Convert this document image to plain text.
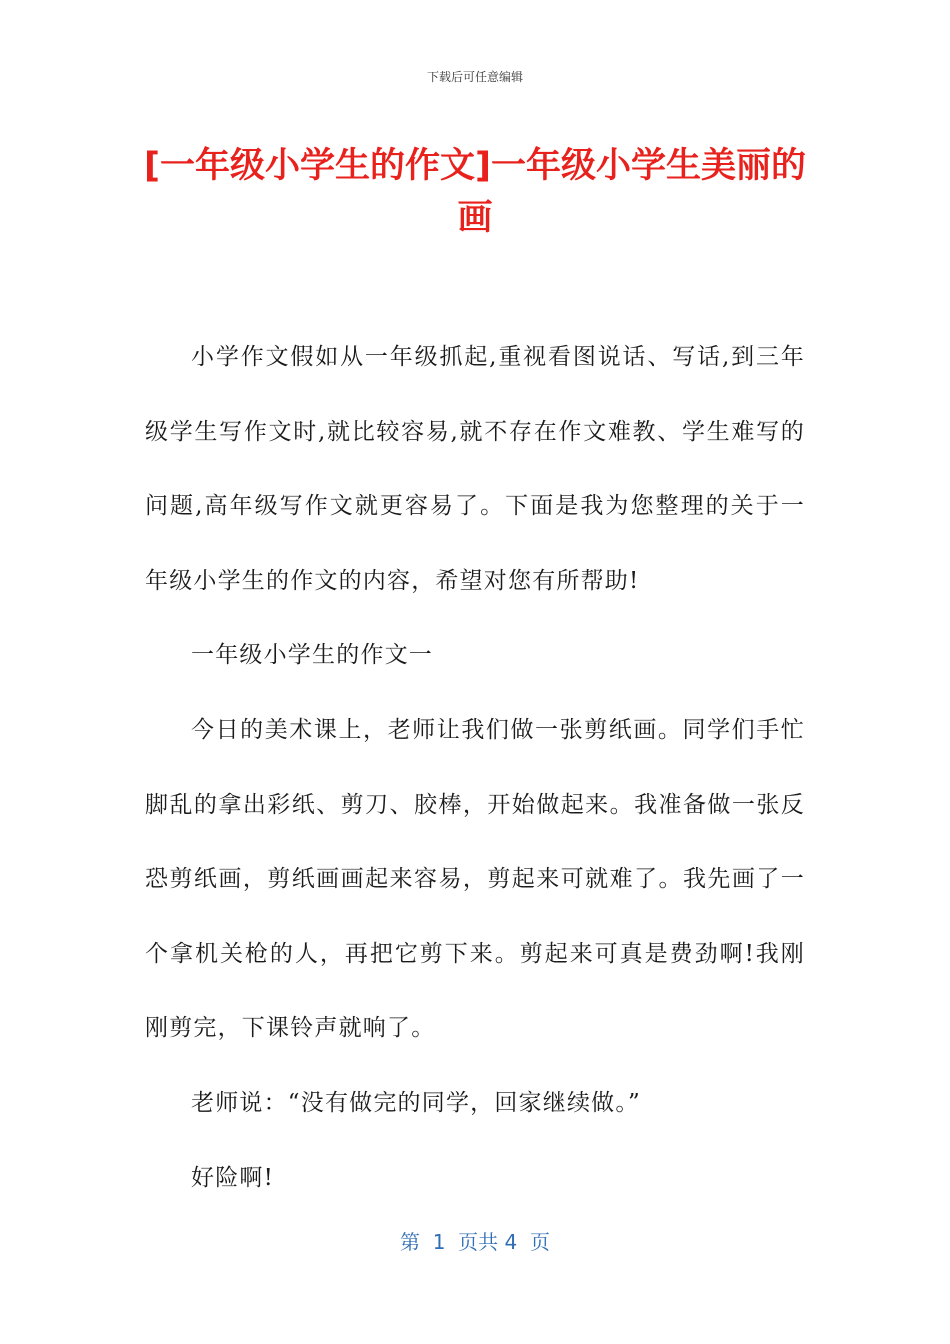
下载后可任意编辑
[一年级小学生的作文]一年级小学生美丽的画

小学作文假如从一年级抓起,重视看图说话、写话,到三年级学生写作文时,就比较容易,就不存在作文难教、学生难写的问题,高年级写作文就更容易了。下面是我为您整理的关于一年级小学生的作文的内容，希望对您有所帮助!

一年级小学生的作文一

今日的美术课上，老师让我们做一张剪纸画。同学们手忙脚乱的拿出彩纸、剪刀、胶棒，开始做起来。我准备做一张反恐剪纸画，剪纸画画起来容易，剪起来可就难了。我先画了一个拿机关枪的人，再把它剪下来。剪起来可真是费劲啊!我刚刚剪完，下课铃声就响了。

老师说：“没有做完的同学，回家继续做。”

好险啊!

第  1  页共 4  页
